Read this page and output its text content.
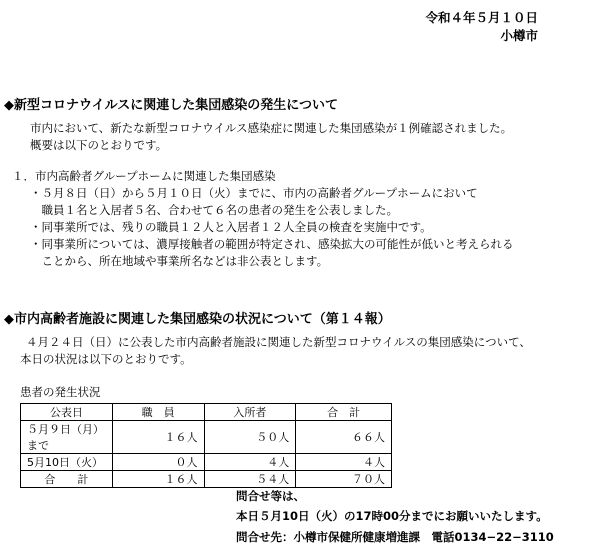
令和４年５月１０日
小樽市
◆新型コロナウイルスに関連した集団感染の発生について
市内において、新たな新型コロナウイルス感染症に関連した集団感染が１例確認されました。
概要は以下のとおりです。
１．市内高齢者グループホームに関連した集団感染
・５月８日（日）から５月１０日（火）までに、市内の高齢者グループホームにおいて
　職員１名と入居者５名、合わせて６名の患者の発生を公表しました。
・同事業所では、残りの職員１２人と入居者１２人全員の検査を実施中です。
・同事業所については、濃厚接触者の範囲が特定され、感染拡大の可能性が低いと考えられる
　ことから、所在地域や事業所名などは非公表とします。
◆市内高齢者施設に関連した集団感染の状況について（第１４報）
４月２４日（日）に公表した市内高齢者施設に関連した新型コロナウイルスの集団感染について、
本日の状況は以下のとおりです。
患者の発生状況
公表日	職　員	入所者	合　計
５月９日（月）まで	１６人	５０人	６６人
5月10日（火）	０人	４人	４人
合　　計	１６人	５４人	７０人
問合せ等は、
本日５月10日（火）の17時00分までにお願いいたします。
問合せ先：小樽市保健所健康増進課　電話0134−22−3110
